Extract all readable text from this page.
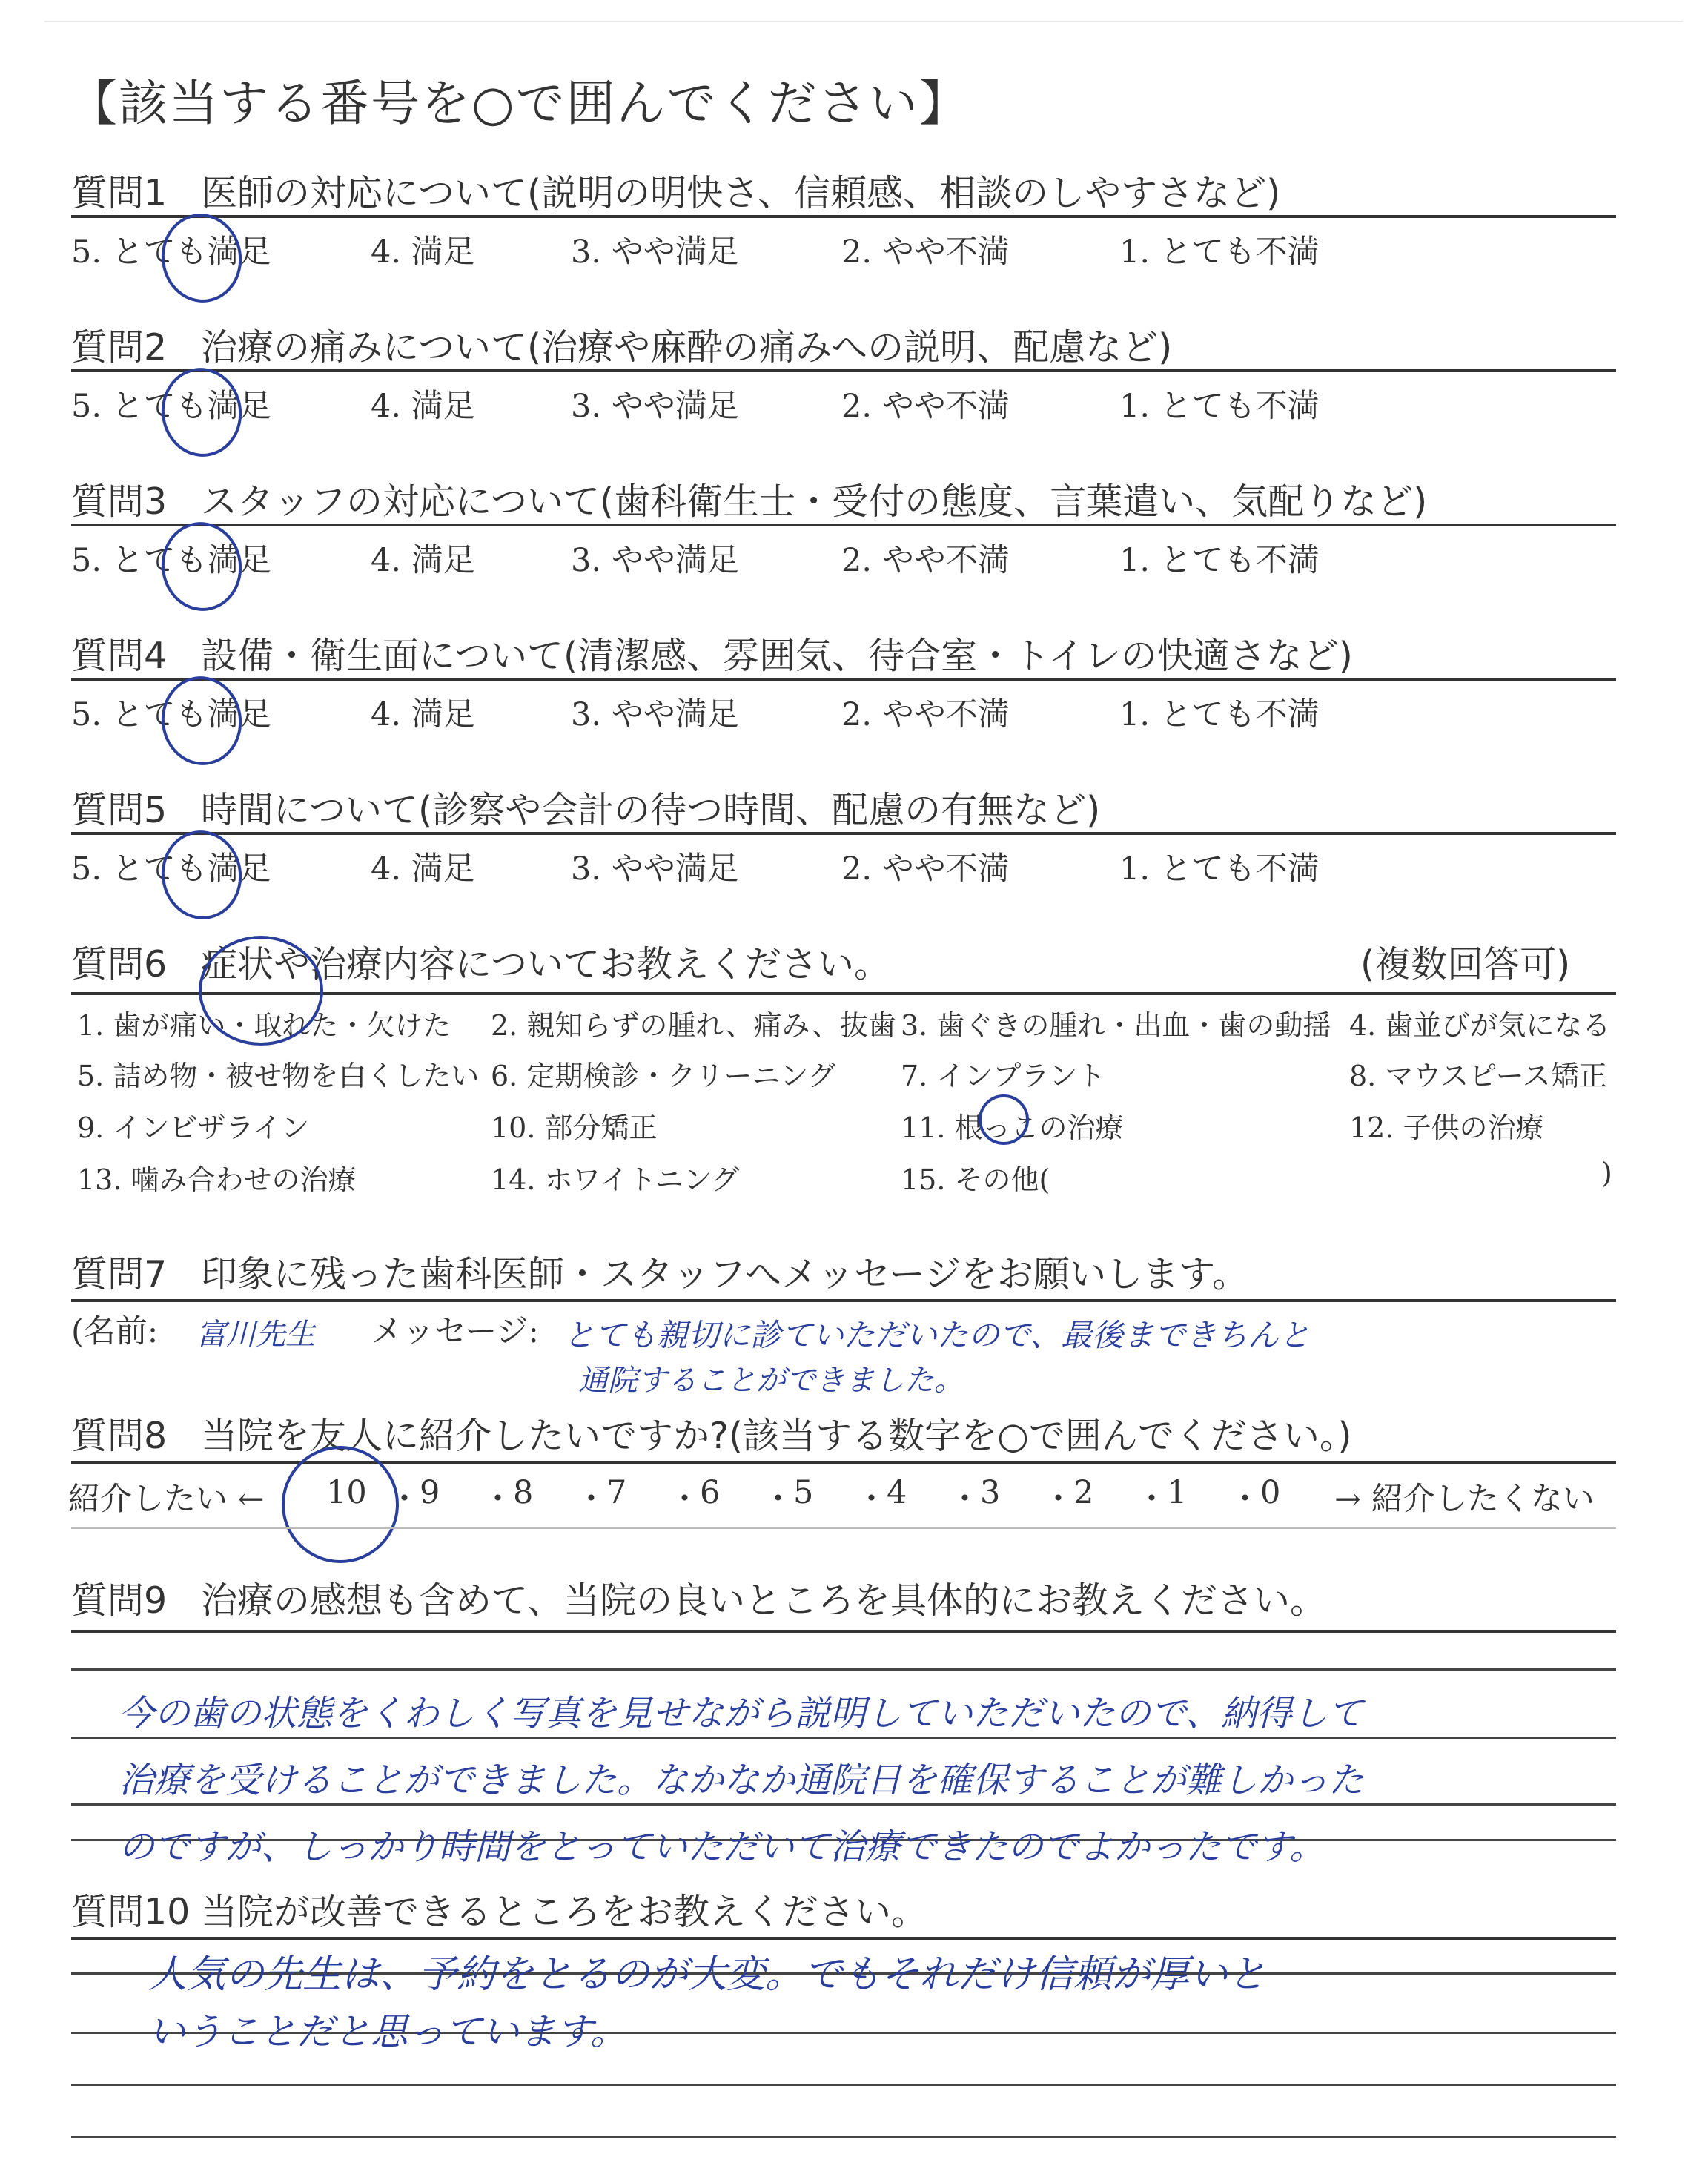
【該当する番号を○で囲んでください】
質問1 医師の対応について(説明の明快さ、信頼感、相談のしやすさなど)
5. とても満足	4. 満足	3. やや満足	2. やや不満	1. とても不満
質問2 治療の痛みについて(治療や麻酔の痛みへの説明、配慮など)
5. とても満足	4. 満足	3. やや満足	2. やや不満	1. とても不満
質問3 スタッフの対応について(歯科衛生士・受付の態度、言葉遣い、気配りなど)
5. とても満足	4. 満足	3. やや満足	2. やや不満	1. とても不満
質問4 設備・衛生面について(清潔感、雰囲気、待合室・トイレの快適さなど)
5. とても満足	4. 満足	3. やや満足	2. やや不満	1. とても不満
質問5 時間について(診察や会計の待つ時間、配慮の有無など)
5. とても満足	4. 満足	3. やや満足	2. やや不満	1. とても不満
質問6 症状や治療内容についてお教えください。	(複数回答可)
1. 歯が痛い・取れた・欠けた 2. 親知らずの腫れ、痛み、抜歯 3. 歯ぐきの腫れ・出血・歯の動揺 4. 歯並びが気になる
5. 詰め物・被せ物を白くしたい 6. 定期検診・クリーニング 7. インプラント	8. マウスピース矯正
9. インビザライン	10. 部分矯正	11. 根っこの治療	12. 子供の治療
13. 噛み合わせの治療	14. ホワイトニング	15. その他(	)
質問7 印象に残った歯科医師・スタッフへメッセージをお願いします。
(名前: 富川先生 メッセージ: とても親切に診ていただいたので、最後まできちんと
通院することができました。
質問8 当院を友人に紹介したいですか?(該当する数字を○で囲んでください。)
紹介したい ←	→ 紹介したくない
10 ・ 9 ・ 8 ・ 7 ・ 6 ・ 5 ・ 4 ・ 3 ・ 2 ・ 1 ・ 0
質問9 治療の感想も含めて、当院の良いところを具体的にお教えください。
今の歯の状態をくわしく写真を見せながら説明していただいたので、納得して
治療を受けることができました。なかなか通院日を確保することが難しかった
のですが、しっかり時間をとっていただいて治療できたのでよかったです。
質問10 当院が改善できるところをお教えください。
人気の先生は、予約をとるのが大変。でもそれだけ信頼が厚いと
いうことだと思っています。
